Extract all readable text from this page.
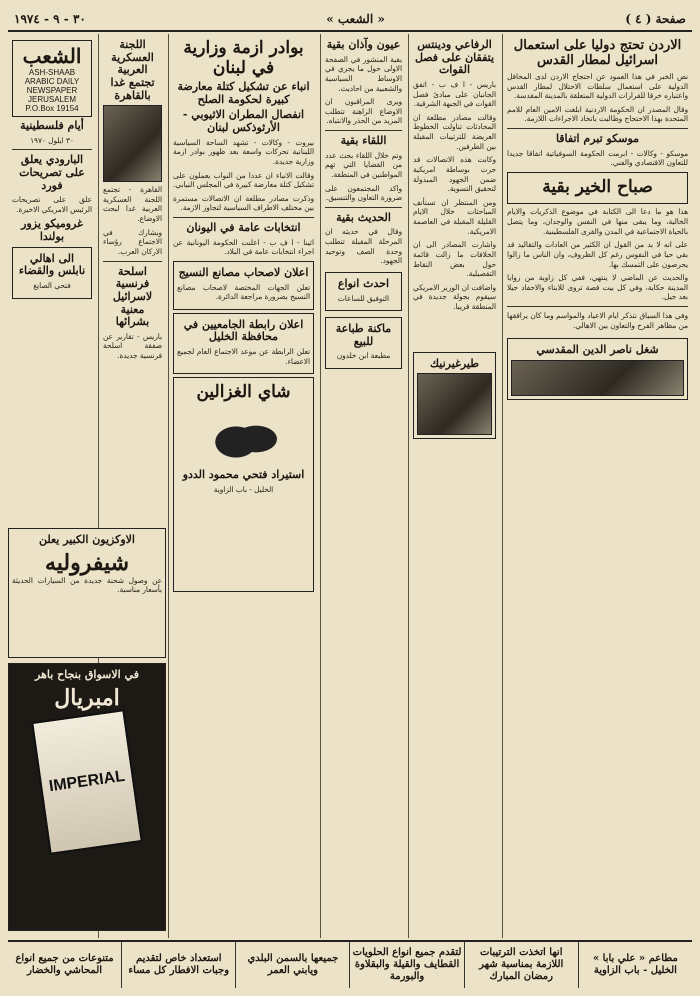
صفحة ( ٤ )
« الشعب »
٣٠ - ٩ - ١٩٧٤
الاردن تحتج دوليا على استعمال اسرائيل لمطار القدس

نص الخبر في هذا العمود عن احتجاج الاردن لدى المحافل الدولية على استعمال سلطات الاحتلال لمطار القدس واعتباره خرقا للقرارات الدولية المتعلقة بالمدينة المقدسة.

وقال المصدر ان الحكومة الاردنية ابلغت الامين العام للامم المتحدة بهذا الاحتجاج وطالبت باتخاذ الاجراءات اللازمة.

موسكو تبرم اتفاقا

موسكو - وكالات - ابرمت الحكومة السوفياتية اتفاقا جديدا للتعاون الاقتصادي والفني.

صباح الخير بقية

هذا هو ما دعا الى الكتابة في موضوع الذكريات والايام الخالية، وما يبقى منها في النفس والوجدان، وما يتصل بالحياة الاجتماعية في المدن والقرى الفلسطينية.

على انه لا بد من القول ان الكثير من العادات والتقاليد قد بقي حيا في النفوس رغم كل الظروف، وان الناس ما زالوا يحرصون على التمسك بها.

والحديث عن الماضي لا ينتهي، ففي كل زاوية من زوايا المدينة حكاية، وفي كل بيت قصة تروى للابناء والاحفاد جيلا بعد جيل.

وفي هذا السياق نتذكر ايام الاعياد والمواسم وما كان يرافقها من مظاهر الفرح والتعاون بين الاهالي.

شغل ناصر الدين المقدسي
الرفاعي ودينتس يتفقان على فصل القوات

باريس - ا ف ب - اتفق الجانبان على مبادئ فصل القوات في الجبهة الشرقية.

وقالت مصادر مطلعة ان المحادثات تناولت الخطوط العريضة للترتيبات المقبلة بين الطرفين.

وكانت هذه الاتصالات قد جرت بوساطة امريكية ضمن الجهود المبذولة لتحقيق التسوية.

ومن المنتظر ان تستأنف المباحثات خلال الايام القليلة المقبلة في العاصمة الامريكية.

واشارت المصادر الى ان الخلافات ما زالت قائمة حول بعض النقاط التفصيلية.

واضافت ان الوزير الامريكي سيقوم بجولة جديدة في المنطقة قريبا.

طيرغيرنيك
عيون وآذان بقية

بقية المنشور في الصفحة الاولى حول ما يجري في الاوساط السياسية والشعبية من احاديث.

ويرى المراقبون ان الاوضاع الراهنة تتطلب المزيد من الحذر والانتباه.

اللقاء بقية

وتم خلال اللقاء بحث عدد من القضايا التي تهم المواطنين في المنطقة.

واكد المجتمعون على ضرورة التعاون والتنسيق.

الحديث بقية

وقال في حديثه ان المرحلة المقبلة تتطلب وحدة الصف وتوحيد الجهود.

احدث انواع
التوفيق للساعات
ماكنة طباعة للبيع
مطبعة ابن خلدون
بوادر ازمة وزارية في لبنان
انباء عن تشكيل كتلة معارضة كبيرة لحكومة الصلح
انفصال المطران الاثيوبي - الأرثوذكس لبنان

بيروت - وكالات - تشهد الساحة السياسية اللبنانية تحركات واسعة بعد ظهور بوادر ازمة وزارية جديدة.

وقالت الانباء ان عددا من النواب يعملون على تشكيل كتلة معارضة كبيرة في المجلس النيابي.

وذكرت مصادر مطلعة ان الاتصالات مستمرة بين مختلف الاطراف السياسية لتجاوز الازمة.

انتخابات عامة في اليونان

اثينا - ا ف ب - اعلنت الحكومة اليونانية عن اجراء انتخابات عامة في البلاد.

اعلان لاصحاب مصانع النسيج

تعلن الجهات المختصة لاصحاب مصانع النسيج بضرورة مراجعة الدائرة.

اعلان رابطة الجامعيين في محافظة الخليل

تعلن الرابطة عن موعد الاجتماع العام لجميع الاعضاء.

شاي الغزالين
استيراد فتحي محمود الددو
الخليل - باب الزاوية
اللجنة العسكرية العربية تجتمع غدا بالقاهرة

القاهرة - تجتمع اللجنة العسكرية العربية غدا لبحث الاوضاع.

ويشارك في الاجتماع رؤساء الاركان العرب.

اسلحة فرنسية لاسرائيل معنية بشرائها

باريس - تقارير عن صفقة اسلحة فرنسية جديدة.

الشعب
ASH-SHAAB ARABIC DAILY NEWSPAPER JERUSALEM
P.O.Box 19154
أيام فلسطينية
٣٠ ايلول ١٩٧٠
البارودي يعلق على تصريحات فورد

علق على تصريحات الرئيس الامريكي الاخيرة.

غروميكو يزور بولندا
الى اهالي نابلس والقضاء
فتحي الصايغ
الاوكزيون الكبير يعلن
شيفروليه

عن وصول شحنة جديدة من السيارات الحديثة بأسعار مناسبة.

في الاسواق بنجاح باهر
امبريال
IMPERIAL
مطاعم « علي بابا » الخليل - باب الزاوية
انها اتخذت الترتيبات اللازمة بمناسبة شهر رمضان المبارك
لتقدم جميع انواع الحلويات القطايف والقيلة والبقلاوة والبورمة
جميعها بالسمن البلدي ويابني العمر
استعداد خاص لتقديم وجبات الافطار كل مساء
متنوعات من جميع انواع المحاشي والخضار
